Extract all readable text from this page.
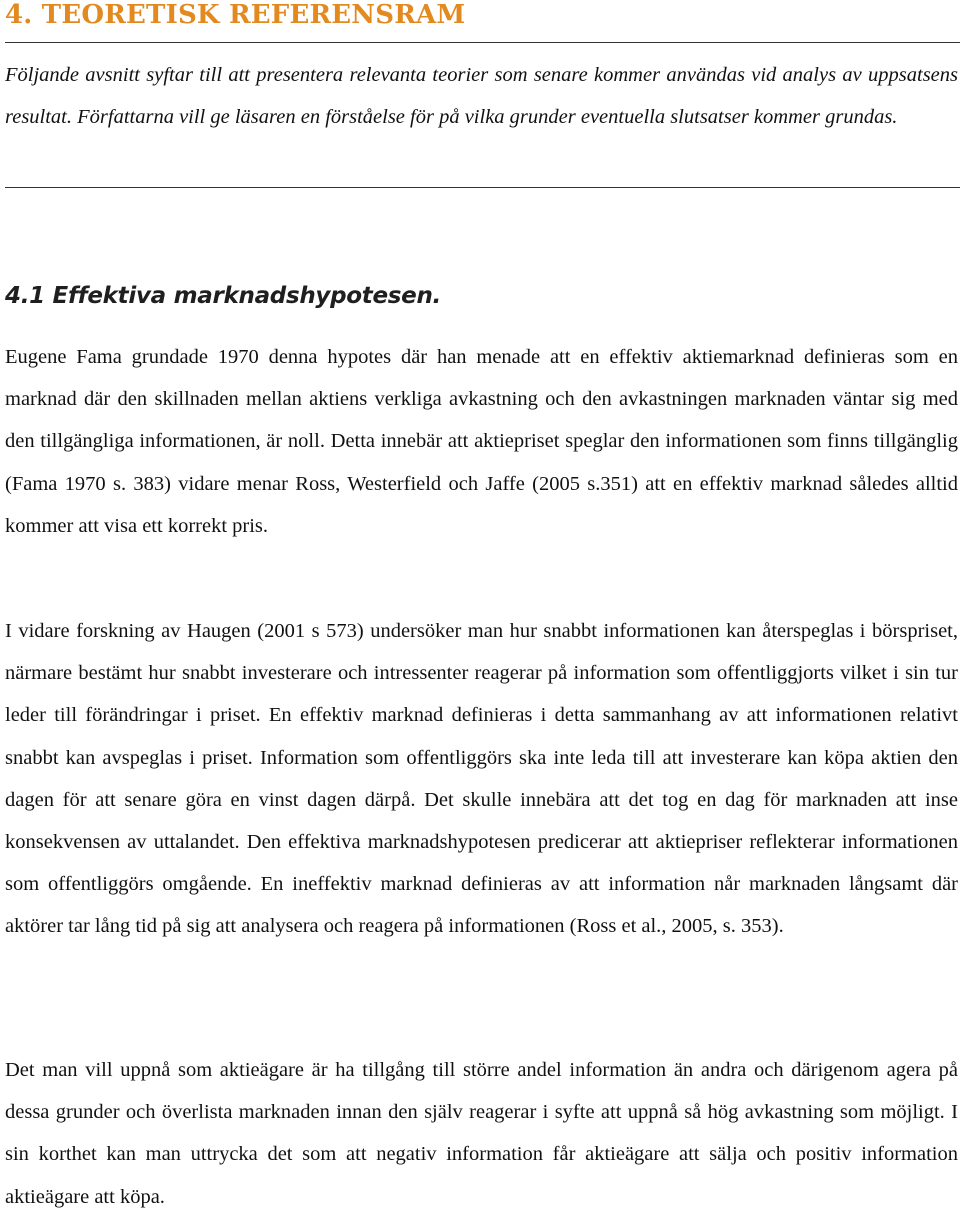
4. TEORETISK REFERENSRAM

Följande avsnitt syftar till att presentera relevanta teorier som senare kommer användas vid analys av uppsatsens resultat. Författarna vill ge läsaren en förståelse för på vilka grunder eventuella slutsatser kommer grundas.

4.1 Effektiva marknadshypotesen.

Eugene Fama grundade 1970 denna hypotes där han menade att en effektiv aktiemarknad definieras som en marknad där den skillnaden mellan aktiens verkliga avkastning och den avkastningen marknaden väntar sig med den tillgängliga informationen, är noll. Detta innebär att aktiepriset speglar den informationen som finns tillgänglig (Fama 1970 s. 383) vidare menar Ross, Westerfield och Jaffe (2005 s.351) att en effektiv marknad således alltid kommer att visa ett korrekt pris.

I vidare forskning av Haugen (2001 s 573) undersöker man hur snabbt informationen kan återspeglas i börspriset, närmare bestämt hur snabbt investerare och intressenter reagerar på information som offentliggjorts vilket i sin tur leder till förändringar i priset. En effektiv marknad definieras i detta sammanhang av att informationen relativt snabbt kan avspeglas i priset. Information som offentliggörs ska inte leda till att investerare kan köpa aktien den dagen för att senare göra en vinst dagen därpå. Det skulle innebära att det tog en dag för marknaden att inse konsekvensen av uttalandet. Den effektiva marknadshypotesen predicerar att aktiepriser reflekterar informationen som offentliggörs omgående. En ineffektiv marknad definieras av att information når marknaden långsamt där aktörer tar lång tid på sig att analysera och reagera på informationen (Ross et al., 2005, s. 353).

Det man vill uppnå som aktieägare är ha tillgång till större andel information än andra och därigenom agera på dessa grunder och överlista marknaden innan den själv reagerar i syfte att uppnå så hög avkastning som möjligt. I sin korthet kan man uttrycka det som att negativ information får aktieägare att sälja och positiv information aktieägare att köpa.
